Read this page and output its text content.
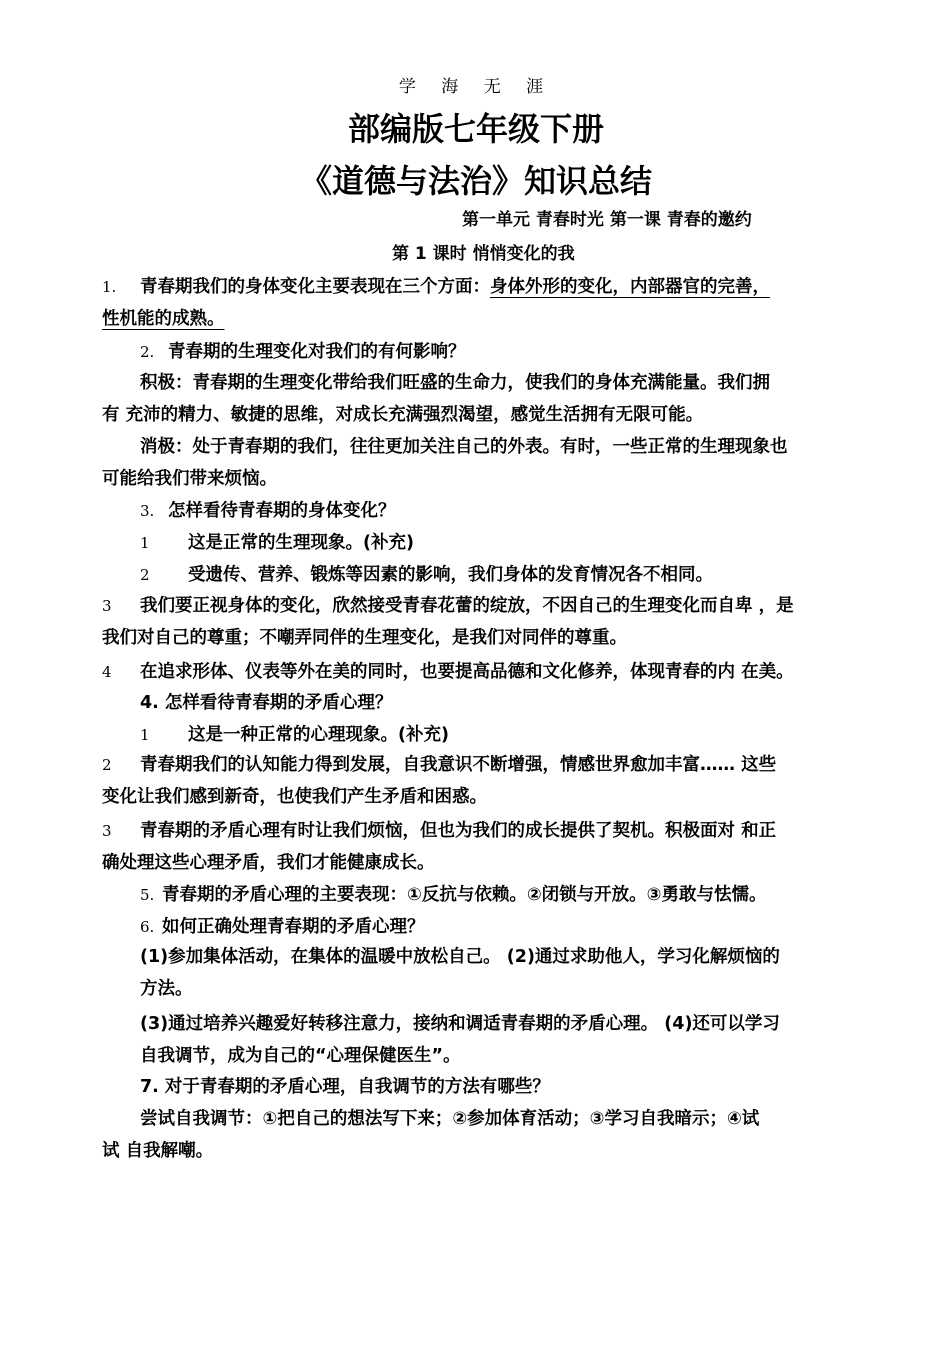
学 海 无 涯
部编版七年级下册
《道德与法治》知识总结
第一单元 青春时光 第一课 青春的邀约
第 1 课时 悄悄变化的我
1. 青春期我们的身体变化主要表现在三个方面：身体外形的变化，内部器官的完善，
性机能的成熟。
2. 青春期的生理变化对我们的有何影响？
积极：青春期的生理变化带给我们旺盛的生命力，使我们的身体充满能量。我们拥
有 充沛的精力、敏捷的思维，对成长充满强烈渴望，感觉生活拥有无限可能。
消极：处于青春期的我们，往往更加关注自己的外表。有时，一些正常的生理现象也
可能给我们带来烦恼。
3. 怎样看待青春期的身体变化？
1 这是正常的生理现象。(补充)
2 受遗传、营养、锻炼等因素的影响，我们身体的发育情况各不相同。
3 我们要正视身体的变化，欣然接受青春花蕾的绽放，不因自己的生理变化而自卑 ，是
我们对自己的尊重；不嘲弄同伴的生理变化，是我们对同伴的尊重。
4 在追求形体、仪表等外在美的同时，也要提高品德和文化修养，体现青春的内 在美。
4. 怎样看待青春期的矛盾心理？
1 这是一种正常的心理现象。(补充)
2 青春期我们的认知能力得到发展，自我意识不断增强，情感世界愈加丰富…… 这些
变化让我们感到新奇，也使我们产生矛盾和困惑。
3 青春期的矛盾心理有时让我们烦恼，但也为我们的成长提供了契机。积极面对 和正
确处理这些心理矛盾，我们才能健康成长。
5. 青春期的矛盾心理的主要表现：①反抗与依赖。②闭锁与开放。③勇敢与怯懦。
6. 如何正确处理青春期的矛盾心理？
(1)参加集体活动，在集体的温暖中放松自己。 (2)通过求助他人，学习化解烦恼的
方法。
(3)通过培养兴趣爱好转移注意力，接纳和调适青春期的矛盾心理。 (4)还可以学习
自我调节，成为自己的“心理保健医生”。
7. 对于青春期的矛盾心理，自我调节的方法有哪些？
尝试自我调节：①把自己的想法写下来；②参加体育活动；③学习自我暗示；④试
试 自我解嘲。
